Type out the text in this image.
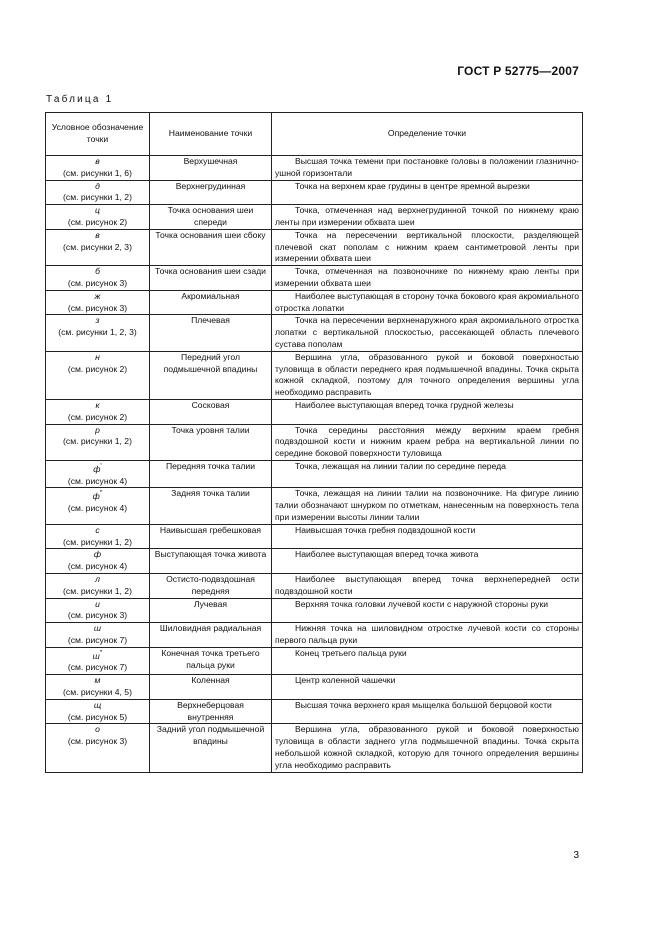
ГОСТ Р 52775—2007
Таблица 1
Условное обозначение точки	Наименование точки	Определение точки

в
(см. рисунки 1, 6)	Верхушечная	Высшая точка темени при постановке головы в положении глазнично-ушной горизонтали

д
(см. рисунки 1, 2)	Верхнегрудинная	Точка на верхнем крае грудины в центре яремной вырезки

ц
(см. рисунок 2)	Точка основания шеи спереди	Точка, отмеченная над верхнегрудинной точкой по нижнему краю ленты при измерении обхвата шеи

в
(см. рисунки 2, 3)	Точка основания шеи сбоку	Точка на пересечении вертикальной плоскости, разделяющей плечевой скат пополам с нижним краем сантиметровой ленты при измерении обхвата шеи

б
(см. рисунок 3)	Точка основания шеи сзади	Точка, отмеченная на позвоночнике по нижнему краю ленты при измерении обхвата шеи

ж
(см. рисунок 3)	Акромиальная	Наиболее выступающая в сторону точка бокового края акромиального отростка лопатки

з
(см. рисунки 1, 2, 3)	Плечевая	Точка на пересечении верхненаружного края акромиального отростка лопатки с вертикальной плоскостью, рассекающей область плечевого сустава пополам

н
(см. рисунок 2)	Передний угол подмышечной впадины	Вершина угла, образованного рукой и боковой поверхностью туловища в области переднего края подмышечной впадины. Точка скрыта кожной складкой, поэтому для точного определения вершины угла необходимо расправить

к
(см. рисунок 2)	Сосковая	Наиболее выступающая вперед точка грудной железы

р
(см. рисунки 1, 2)	Точка уровня талии	Точка середины расстояния между верхним краем гребня подвздошной кости и нижним краем ребра на вертикальной линии по середине боковой поверхности туловища

ф'
(см. рисунок 4)	Передняя точка талии	Точка, лежащая на линии талии по середине переда

ф"
(см. рисунок 4)	Задняя точка талии	Точка, лежащая на линии талии на позвоночнике. На фигуре линию талии обозначают шнурком по отметкам, нанесенным на поверхность тела при измерении высоты линии талии

с
(см. рисунки 1, 2)	Наивысшая гребешковая	Наивысшая точка гребня подвздошной кости

ф
(см. рисунок 4)	Выступающая точка живота	Наиболее выступающая вперед точка живота

л
(см. рисунки 1, 2)	Остисто-подвздошная передняя	Наиболее выступающая вперед точка верхнепередней ости подвздошной кости

и
(см. рисунок 3)	Лучевая	Верхняя точка головки лучевой кости с наружной стороны руки

ш
(см. рисунок 7)	Шиловидная радиальная	Нижняя точка на шиловидном отростке лучевой кости со стороны первого пальца руки

ш"
(см. рисунок 7)	Конечная точка третьего пальца руки	Конец третьего пальца руки

м
(см. рисунки 4, 5)	Коленная	Центр коленной чашечки

щ
(см. рисунок 5)	Верхнеберцовая внутренняя	Высшая точка верхнего края мыщелка большой берцовой кости

о
(см. рисунок 3)	Задний угол подмышечной впадины	Вершина угла, образованного рукой и боковой поверхностью туловища в области заднего угла подмышечной впадины. Точка скрыта небольшой кожной складкой, которую для точного определения вершины угла необходимо расправить
3
